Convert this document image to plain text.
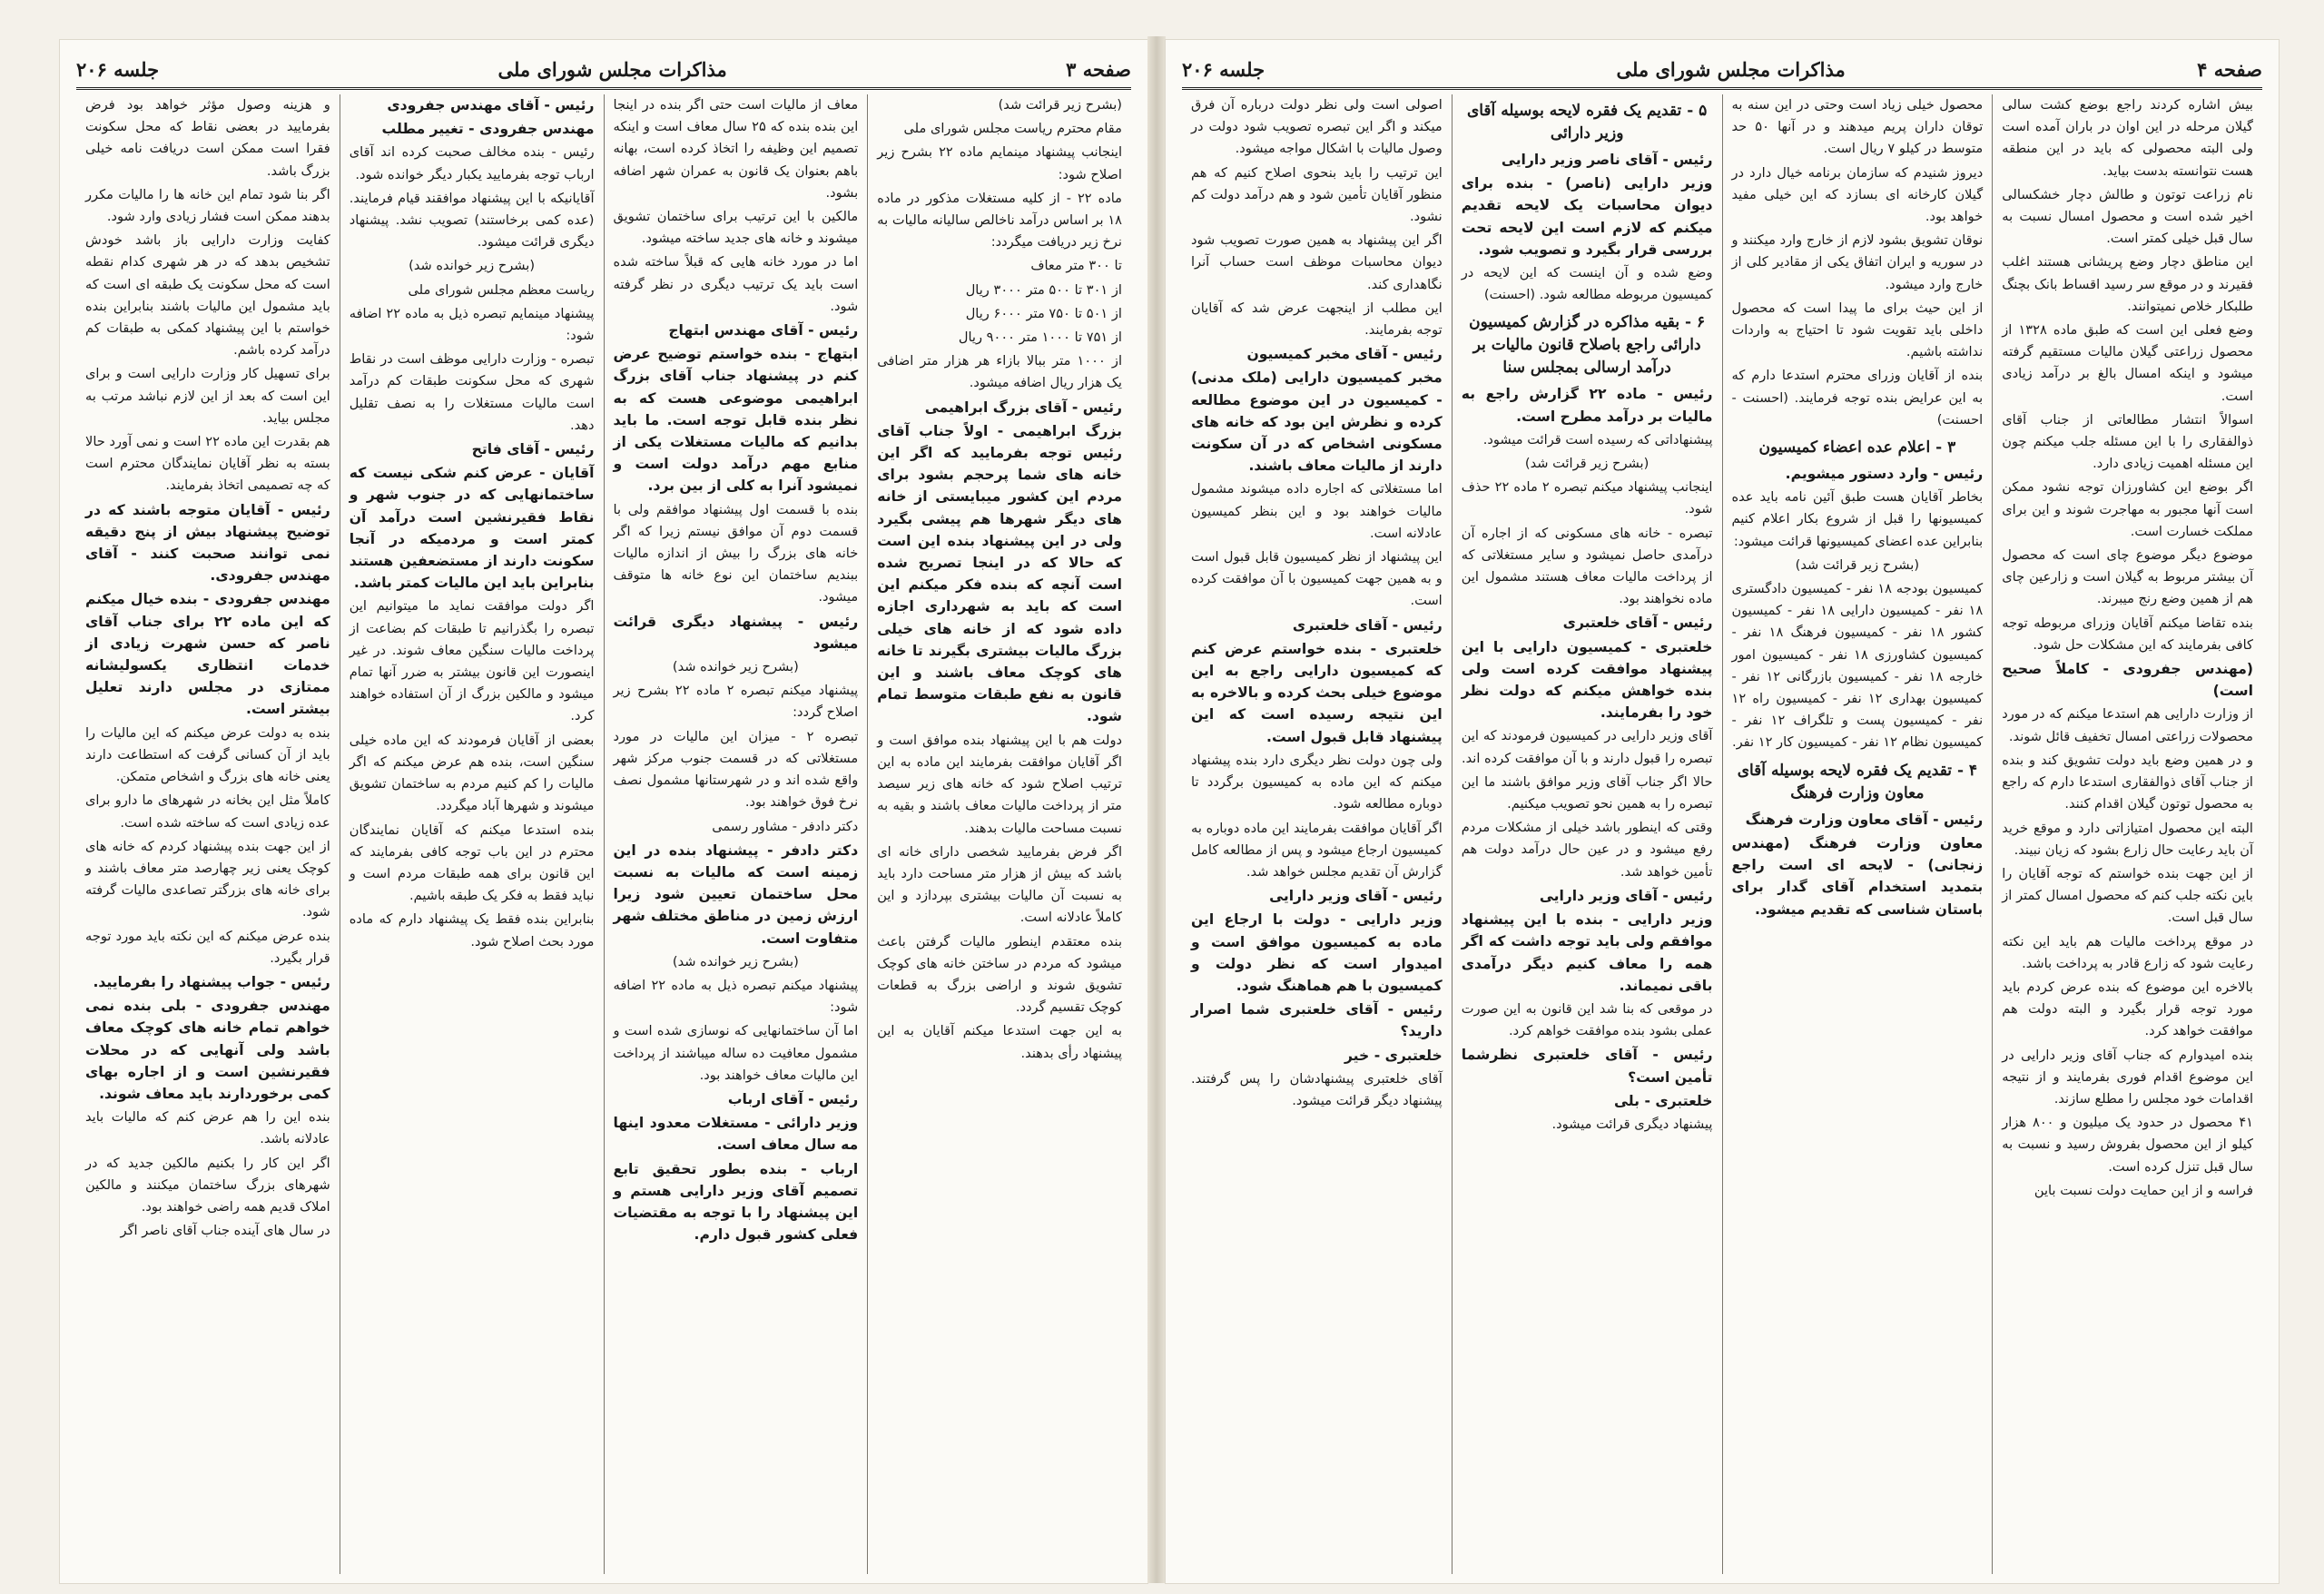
صفحه ۳
مذاکرات مجلس شورای ملی
جلسه ۲۰۶

(بشرح زیر قرائت شد)

مقام محترم ریاست مجلس شورای ملی

اینجانب پیشنهاد مینمایم ماده ۲۲ بشرح زیر اصلاح شود:

ماده ۲۲ - از کلیه مستغلات مذکور در ماده ۱۸ بر اساس درآمد ناخالص سالیانه مالیات به نرخ زیر دریافت میگردد:

تا ۳۰۰ متر معاف

از ۳۰۱ تا ۵۰۰ متر ۳۰۰۰ ریال

از ۵۰۱ تا ۷۵۰ متر ۶۰۰۰ ریال

از ۷۵۱ تا ۱۰۰۰ متر ۹۰۰۰ ریال

از ۱۰۰۰ متر ببالا بازاء هر هزار متر اضافی یک هزار ریال اضافه میشود.

رئیس - آقای بزرگ ابراهیمی

بزرگ ابراهیمی - اولاً جناب آقای رئیس توجه بفرمایید که اگر این خانه های شما پرحجم بشود برای مردم این کشور میبایستی از خانه های دیگر شهرها هم پیشی بگیرد ولی در این پیشنهاد بنده این است که حالا که در اینجا تصریح شده است آنچه که بنده فکر میکنم این است که باید به شهرداری اجازه داده شود که از خانه های خیلی بزرگ مالیات بیشتری بگیرند تا خانه های کوچک معاف باشند و این قانون به نفع طبقات متوسط تمام شود.

دولت هم با این پیشنهاد بنده موافق است و اگر آقایان موافقت بفرمایند این ماده به این ترتیب اصلاح شود که خانه های زیر سیصد متر از پرداخت مالیات معاف باشند و بقیه به نسبت مساحت مالیات بدهند.

اگر فرض بفرمایید شخصی دارای خانه ای باشد که بیش از هزار متر مساحت دارد باید به نسبت آن مالیات بیشتری بپردازد و این کاملاً عادلانه است.

بنده معتقدم اینطور مالیات گرفتن باعث میشود که مردم در ساختن خانه های کوچک تشویق شوند و اراضی بزرگ به قطعات کوچک تقسیم گردد.

به این جهت استدعا میکنم آقایان به این پیشنهاد رأی بدهند.

معاف از مالیات است حتی اگر بنده در اینجا این بنده بنده که ۲۵ سال معاف است و اینکه تصمیم این وظیفه را اتخاذ کرده است، بهانه باهم بعنوان یک قانون به عمران شهر اضافه بشود.

مالکین با این ترتیب برای ساختمان تشویق میشوند و خانه های جدید ساخته میشود.

اما در مورد خانه هایی که قبلاً ساخته شده است باید یک ترتیب دیگری در نظر گرفته شود.

رئیس - آقای مهندس ابتهاج

ابتهاج - بنده خواستم توضیح عرض کنم در پیشنهاد جناب آقای بزرگ ابراهیمی موضوعی هست که به نظر بنده قابل توجه است. ما باید بدانیم که مالیات مستغلات یکی از منابع مهم درآمد دولت است و نمیشود آنرا به کلی از بین برد.

بنده با قسمت اول پیشنهاد موافقم ولی با قسمت دوم آن موافق نیستم زیرا که اگر خانه های بزرگ را بیش از اندازه مالیات ببندیم ساختمان این نوع خانه ها متوقف میشود.

رئیس - پیشنهاد دیگری قرائت میشود

(بشرح زیر خوانده شد)

پیشنهاد میکنم تبصره ۲ ماده ۲۲ بشرح زیر اصلاح گردد:

تبصره ۲ - میزان این مالیات در مورد مستغلاتی که در قسمت جنوب مرکز شهر واقع شده اند و در شهرستانها مشمول نصف نرخ فوق خواهند بود.

دکتر دادفر - مشاور رسمی

دکتر دادفر - پیشنهاد بنده در این زمینه است که مالیات به نسبت محل ساختمان تعیین شود زیرا ارزش زمین در مناطق مختلف شهر متفاوت است.

(بشرح زیر خوانده شد)

پیشنهاد میکنم تبصره ذیل به ماده ۲۲ اضافه شود:

اما آن ساختمانهایی که نوسازی شده است و مشمول معافیت ده ساله میباشند از پرداخت این مالیات معاف خواهند بود.

رئیس - آقای ارباب

وزیر دارائی - مستغلات معدود اینها مه سال معاف است.

ارباب - بنده بطور تحقیق تابع تصمیم آقای وزیر دارایی هستم و این پیشنهاد را با توجه به مقتضیات فعلی کشور قبول دارم.

رئیس - آقای مهندس جفرودی

مهندس جفرودی - تغییر مطلب

رئیس - بنده مخالف صحبت کرده اند آقای ارباب توجه بفرمایید یکبار دیگر خوانده شود.

آقایانیکه با این پیشنهاد موافقند قیام فرمایند. (عده کمی برخاستند) تصویب نشد. پیشنهاد دیگری قرائت میشود.

(بشرح زیر خوانده شد)

ریاست معظم مجلس شورای ملی

پیشنهاد مینمایم تبصره ذیل به ماده ۲۲ اضافه شود:

تبصره - وزارت دارایی موظف است در نقاط شهری که محل سکونت طبقات کم درآمد است مالیات مستغلات را به نصف تقلیل دهد.

رئیس - آقای فاتح

آقایان - عرض کنم شکی نیست که ساختمانهایی که در جنوب شهر و نقاط فقیرنشین است درآمد آن کمتر است و مردمیکه در آنجا سکونت دارند از مستضعفین هستند بنابراین باید این مالیات کمتر باشد.

اگر دولت موافقت نماید ما میتوانیم این تبصره را بگذرانیم تا طبقات کم بضاعت از پرداخت مالیات سنگین معاف شوند. در غیر اینصورت این قانون بیشتر به ضرر آنها تمام میشود و مالکین بزرگ از آن استفاده خواهند کرد.

بعضی از آقایان فرمودند که این ماده خیلی سنگین است، بنده هم عرض میکنم که اگر مالیات را کم کنیم مردم به ساختمان تشویق میشوند و شهرها آباد میگردد.

بنده استدعا میکنم که آقایان نمایندگان محترم در این باب توجه کافی بفرمایند که این قانون برای همه طبقات مردم است و نباید فقط به فکر یک طبقه باشیم.

بنابراین بنده فقط یک پیشنهاد دارم که ماده مورد بحث اصلاح شود.

و هزینه وصول مؤثر خواهد بود فرض بفرمایید در بعضی نقاط که محل سکونت فقرا است ممکن است دریافت نامه خیلی بزرگ باشد.

اگر بنا شود تمام این خانه ها را مالیات مکرر بدهند ممکن است فشار زیادی وارد شود.

کفایت وزارت دارایی باز باشد خودش تشخیص بدهد که در هر شهری کدام نقطه است که محل سکونت یک طبقه ای است که باید مشمول این مالیات باشند بنابراین بنده خواستم با این پیشنهاد کمکی به طبقات کم درآمد کرده باشم.

برای تسهیل کار وزارت دارایی است و برای این است که بعد از این لازم نباشد مرتب به مجلس بیاید.

هم بقدرت این ماده ۲۲ است و نمی آورد حالا بسته به نظر آقایان نمایندگان محترم است که چه تصمیمی اتخاذ بفرمایند.

رئیس - آقایان متوجه باشند که در توضیح پیشنهاد بیش از پنج دقیقه نمی توانند صحبت کنند - آقای مهندس جفرودی.

مهندس جفرودی - بنده خیال میکنم که این ماده ۲۲ برای جناب آقای ناصر که حسن شهرت زیادی از خدمات انتظاری یکسولیشانه ممتازی در مجلس دارند تعلیل بیشتر است.

بنده به دولت عرض میکنم که این مالیات را باید از آن کسانی گرفت که استطاعت دارند یعنی خانه های بزرگ و اشخاص متمکن.

کاملاً مثل این بخانه در شهرهای ما دارو برای عده زیادی است که ساخته شده است.

از این جهت بنده پیشنهاد کردم که خانه های کوچک یعنی زیر چهارصد متر معاف باشند و برای خانه های بزرگتر تصاعدی مالیات گرفته شود.

بنده عرض میکنم که این نکته باید مورد توجه قرار بگیرد.

رئیس - جواب پیشنهاد را بفرمایید.

مهندس جفرودی - بلی بنده نمی خواهم تمام خانه های کوچک معاف باشد ولی آنهایی که در محلات فقیرنشین است و از اجاره بهای کمی برخوردارند باید معاف شوند.

بنده این را هم عرض کنم که مالیات باید عادلانه باشد.

اگر این کار را بکنیم مالکین جدید که در شهرهای بزرگ ساختمان میکنند و مالکین املاک قدیم همه راضی خواهند بود.

در سال های آینده جناب آقای ناصر اگر

صفحه ۴
مذاکرات مجلس شورای ملی
جلسه ۲۰۶

بیش اشاره کردند راجع بوضع کشت سالی گیلان مرحله در این اوان در باران آمده است ولی البته محصولی که باید در این منطقه هست نتوانسته بدست بیاید.

نام زراعت توتون و طالش دچار خشکسالی اخیر شده است و محصول امسال نسبت به سال قبل خیلی کمتر است.

این مناطق دچار وضع پریشانی هستند اغلب فقیرند و در موقع سر رسید اقساط بانک بچنگ طلبکار خلاص نمیتوانند.

وضع فعلی این است که طبق ماده ۱۳۲۸ از محصول زراعتی گیلان مالیات مستقیم گرفته میشود و اینکه امسال بالغ بر درآمد زیادی است.

اسوالاً انتشار مطالعاتی از جناب آقای ذوالفقاری را با این مسئله جلب میکنم چون این مسئله اهمیت زیادی دارد.

اگر بوضع این کشاورزان توجه نشود ممکن است آنها مجبور به مهاجرت شوند و این برای مملکت خسارت است.

موضوع دیگر موضوع چای است که محصول آن بیشتر مربوط به گیلان است و زارعین چای هم از همین وضع رنج میبرند.

بنده تقاضا میکنم آقایان وزرای مربوطه توجه کافی بفرمایند که این مشکلات حل شود.

(مهندس جفرودی - کاملاً صحیح است)

از وزارت دارایی هم استدعا میکنم که در مورد محصولات زراعتی امسال تخفیف قائل شوند.

و در همین وضع باید دولت تشویق کند و بنده از جناب آقای ذوالفقاری استدعا دارم که راجع به محصول توتون گیلان اقدام کنند.

البته این محصول امتیازاتی دارد و موقع خرید آن باید رعایت حال زارع بشود که زیان نبیند.

از این جهت بنده خواستم که توجه آقایان را باین نکته جلب کنم که محصول امسال کمتر از سال قبل است.

در موقع پرداخت مالیات هم باید این نکته رعایت شود که زارع قادر به پرداخت باشد.

بالاخره این موضوع که بنده عرض کردم باید مورد توجه قرار بگیرد و البته دولت هم موافقت خواهد کرد.

بنده امیدوارم که جناب آقای وزیر دارایی در این موضوع اقدام فوری بفرمایند و از نتیجه اقدامات خود مجلس را مطلع سازند.

۴۱ محصول در حدود یک میلیون و ۸۰۰ هزار کیلو از این محصول بفروش رسید و نسبت به سال قبل تنزل کرده است.

فراسه و از این حمایت دولت نسبت باین

محصول خیلی زیاد است وحتی در این سنه به توقان داران پریم میدهند و در آنها ۵۰ حد متوسط در کیلو ۷ ریال است.

دیروز شنیدم که سازمان برنامه خیال دارد در گیلان کارخانه ای بسازد که این خیلی مفید خواهد بود.

نوقان تشویق بشود لازم از خارج وارد میکنند و در سوریه و ایران اتفاق یکی از مقادیر کلی از خارج وارد میشود.

از این حیث برای ما پیدا است که محصول داخلی باید تقویت شود تا احتیاج به واردات نداشته باشیم.

بنده از آقایان وزرای محترم استدعا دارم که به این عرایض بنده توجه فرمایند. (احسنت - احسنت)

۳ - اعلام عده اعضاء کمیسیون

رئیس - وارد دستور میشویم.

بخاطر آقایان هست طبق آئین نامه باید عده کمیسیونها را قبل از شروع بکار اعلام کنیم بنابراین عده اعضای کمیسیونها قرائت میشود:

(بشرح زیر قرائت شد)

کمیسیون بودجه ۱۸ نفر - کمیسیون دادگستری ۱۸ نفر - کمیسیون دارایی ۱۸ نفر - کمیسیون کشور ۱۸ نفر - کمیسیون فرهنگ ۱۸ نفر - کمیسیون کشاورزی ۱۸ نفر - کمیسیون امور خارجه ۱۸ نفر - کمیسیون بازرگانی ۱۲ نفر - کمیسیون بهداری ۱۲ نفر - کمیسیون راه ۱۲ نفر - کمیسیون پست و تلگراف ۱۲ نفر - کمیسیون نظام ۱۲ نفر - کمیسیون کار ۱۲ نفر.

۴ - تقدیم یک فقره لایحه بوسیله آقای معاون وزارت فرهنگ

رئیس - آقای معاون وزارت فرهنگ

معاون وزارت فرهنگ (مهندس زنجانی) - لایحه ای است راجع بتمدید استخدام آقای گدار برای باستان شناسی که تقدیم میشود.

۵ - تقدیم یک فقره لایحه بوسیله آقای وزیر دارائی

رئیس - آقای ناصر وزیر دارایی

وزیر دارایی (ناصر) - بنده برای دیوان محاسبات یک لایحه تقدیم میکنم که لازم است این لایحه تحت بررسی قرار بگیرد و تصویب شود.

وضع شده و آن اینست که این لایحه در کمیسیون مربوطه مطالعه شود. (احسنت)

۶ - بقیه مذاکره در گزارش کمیسیون دارائی راجع باصلاح قانون مالیات بر درآمد ارسالی بمجلس سنا

رئیس - ماده ۲۲ گزارش راجع به مالیات بر درآمد مطرح است.

پیشنهاداتی که رسیده است قرائت میشود.

(بشرح زیر قرائت شد)

اینجانب پیشنهاد میکنم تبصره ۲ ماده ۲۲ حذف شود.

تبصره - خانه های مسکونی که از اجاره آن درآمدی حاصل نمیشود و سایر مستغلاتی که از پرداخت مالیات معاف هستند مشمول این ماده نخواهند بود.

رئیس - آقای خلعتبری

خلعتبری - کمیسیون دارایی با این پیشنهاد موافقت کرده است ولی بنده خواهش میکنم که دولت نظر خود را بفرمایند.

آقای وزیر دارایی در کمیسیون فرمودند که این تبصره را قبول دارند و با آن موافقت کرده اند.

حالا اگر جناب آقای وزیر موافق باشند ما این تبصره را به همین نحو تصویب میکنیم.

وقتی که اینطور باشد خیلی از مشکلات مردم رفع میشود و در عین حال درآمد دولت هم تأمین خواهد شد.

رئیس - آقای وزیر دارایی

وزیر دارایی - بنده با این پیشنهاد موافقم ولی باید توجه داشت که اگر همه را معاف کنیم دیگر درآمدی باقی نمیماند.

در موقعی که بنا شد این قانون به این صورت عملی بشود بنده موافقت خواهم کرد.

رئیس - آقای خلعتبری نظرشما تأمین است؟

خلعتبری - بلی

پیشنهاد دیگری قرائت میشود.

اصولی است ولی نظر دولت درباره آن فرق میکند و اگر این تبصره تصویب شود دولت در وصول مالیات با اشکال مواجه میشود.

این ترتیب را باید بنحوی اصلاح کنیم که هم منظور آقایان تأمین شود و هم درآمد دولت کم نشود.

اگر این پیشنهاد به همین صورت تصویب شود دیوان محاسبات موظف است حساب آنرا نگاهداری کند.

این مطلب از اینجهت عرض شد که آقایان توجه بفرمایند.

رئیس - آقای مخبر کمیسیون

مخبر کمیسیون دارایی (ملک مدنی) - کمیسیون در این موضوع مطالعه کرده و نظرش این بود که خانه های مسکونی اشخاص که در آن سکونت دارند از مالیات معاف باشند.

اما مستغلاتی که اجاره داده میشوند مشمول مالیات خواهند بود و این بنظر کمیسیون عادلانه است.

این پیشنهاد از نظر کمیسیون قابل قبول است و به همین جهت کمیسیون با آن موافقت کرده است.

رئیس - آقای خلعتبری

خلعتبری - بنده خواستم عرض کنم که کمیسیون دارایی راجع به این موضوع خیلی بحث کرده و بالاخره به این نتیجه رسیده است که این پیشنهاد قابل قبول است.

ولی چون دولت نظر دیگری دارد بنده پیشنهاد میکنم که این ماده به کمیسیون برگردد تا دوباره مطالعه شود.

اگر آقایان موافقت بفرمایند این ماده دوباره به کمیسیون ارجاع میشود و پس از مطالعه کامل گزارش آن تقدیم مجلس خواهد شد.

رئیس - آقای وزیر دارایی

وزیر دارایی - دولت با ارجاع این ماده به کمیسیون موافق است و امیدوار است که نظر دولت و کمیسیون با هم هماهنگ شود.

رئیس - آقای خلعتبری شما اصرار دارید؟

خلعتبری - خیر

آقای خلعتبری پیشنهادشان را پس گرفتند. پیشنهاد دیگر قرائت میشود.
